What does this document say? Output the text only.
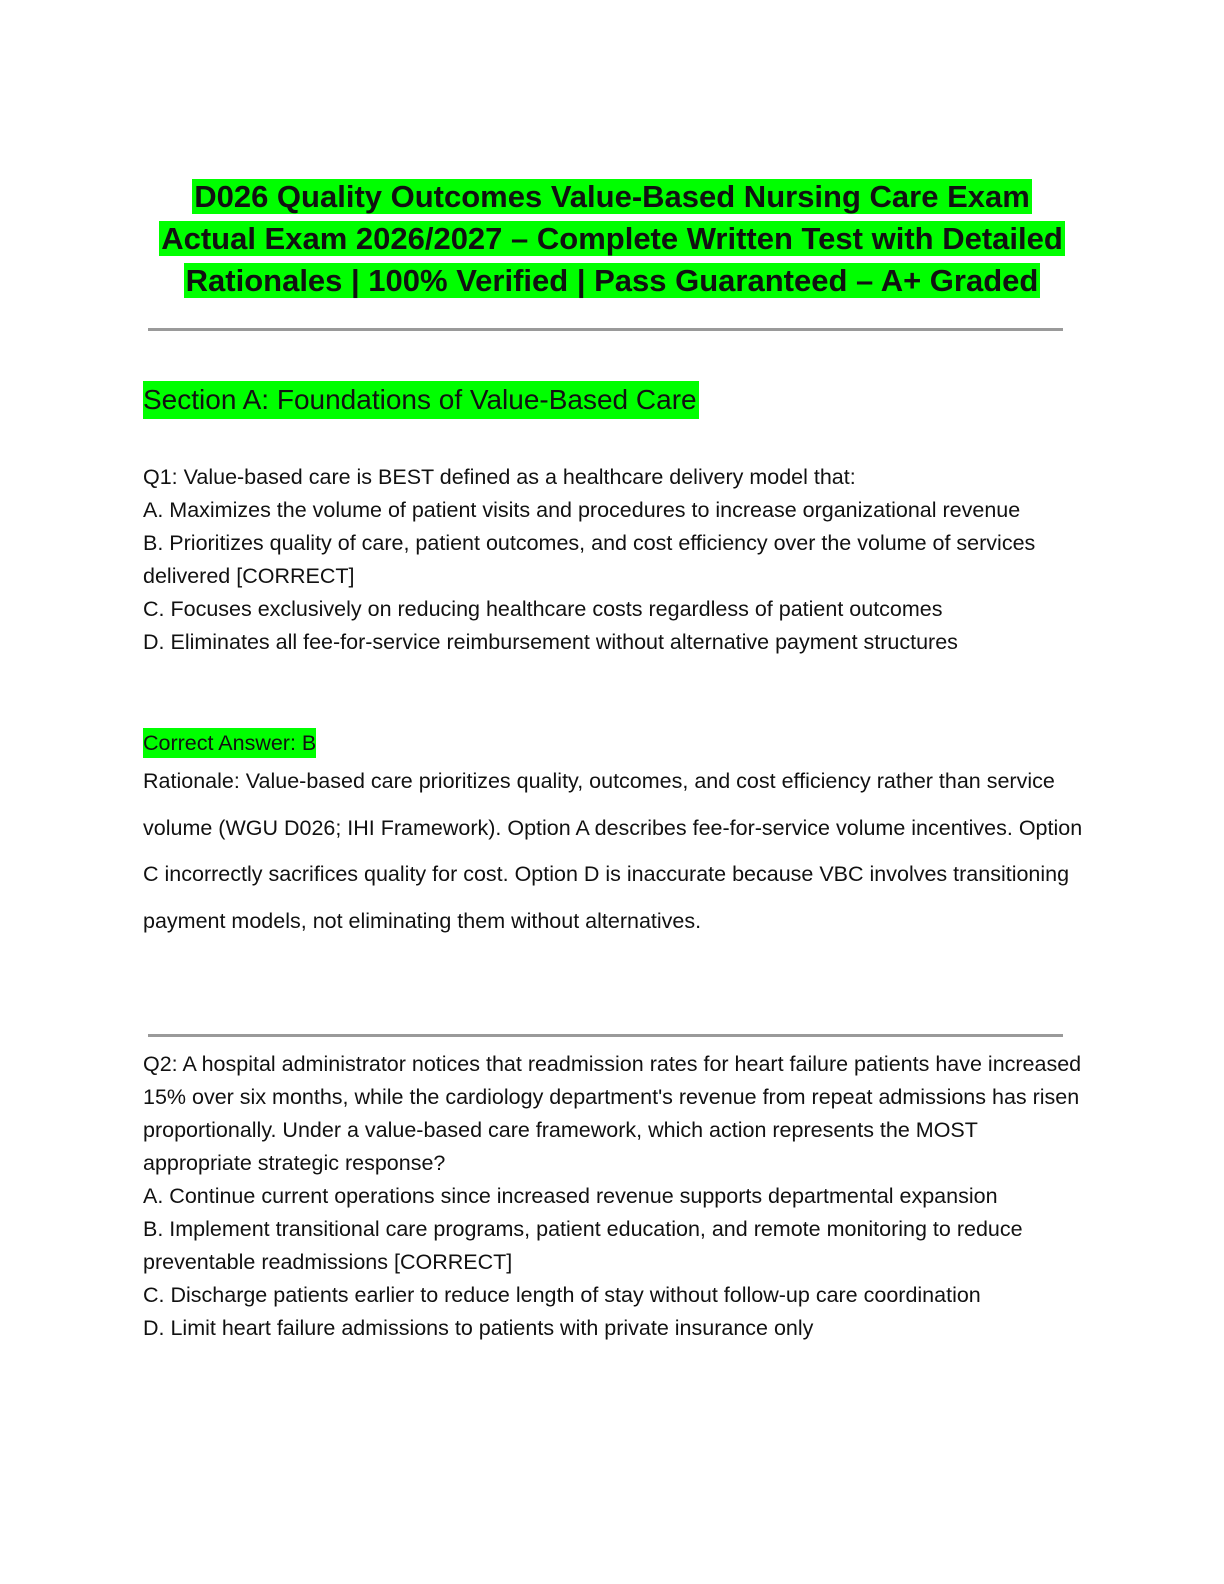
D026 Quality Outcomes Value-Based Nursing Care Exam
Actual Exam 2026/2027 – Complete Written Test with Detailed
Rationales | 100% Verified | Pass Guaranteed – A+ Graded
Section A: Foundations of Value-Based Care

Q1: Value-based care is BEST defined as a healthcare delivery model that:

A. Maximizes the volume of patient visits and procedures to increase organizational revenue

B. Prioritizes quality of care, patient outcomes, and cost efficiency over the volume of services delivered [CORRECT]

C. Focuses exclusively on reducing healthcare costs regardless of patient outcomes

D. Eliminates all fee-for-service reimbursement without alternative payment structures

Correct Answer: B
Rationale: Value-based care prioritizes quality, outcomes, and cost efficiency rather than service volume (WGU D026; IHI Framework). Option A describes fee-for-service volume incentives. Option C incorrectly sacrifices quality for cost. Option D is inaccurate because VBC involves transitioning payment models, not eliminating them without alternatives.

Q2: A hospital administrator notices that readmission rates for heart failure patients have increased 15% over six months, while the cardiology department's revenue from repeat admissions has risen proportionally. Under a value-based care framework, which action represents the MOST appropriate strategic response?

A. Continue current operations since increased revenue supports departmental expansion

B. Implement transitional care programs, patient education, and remote monitoring to reduce preventable readmissions [CORRECT]

C. Discharge patients earlier to reduce length of stay without follow-up care coordination

D. Limit heart failure admissions to patients with private insurance only
